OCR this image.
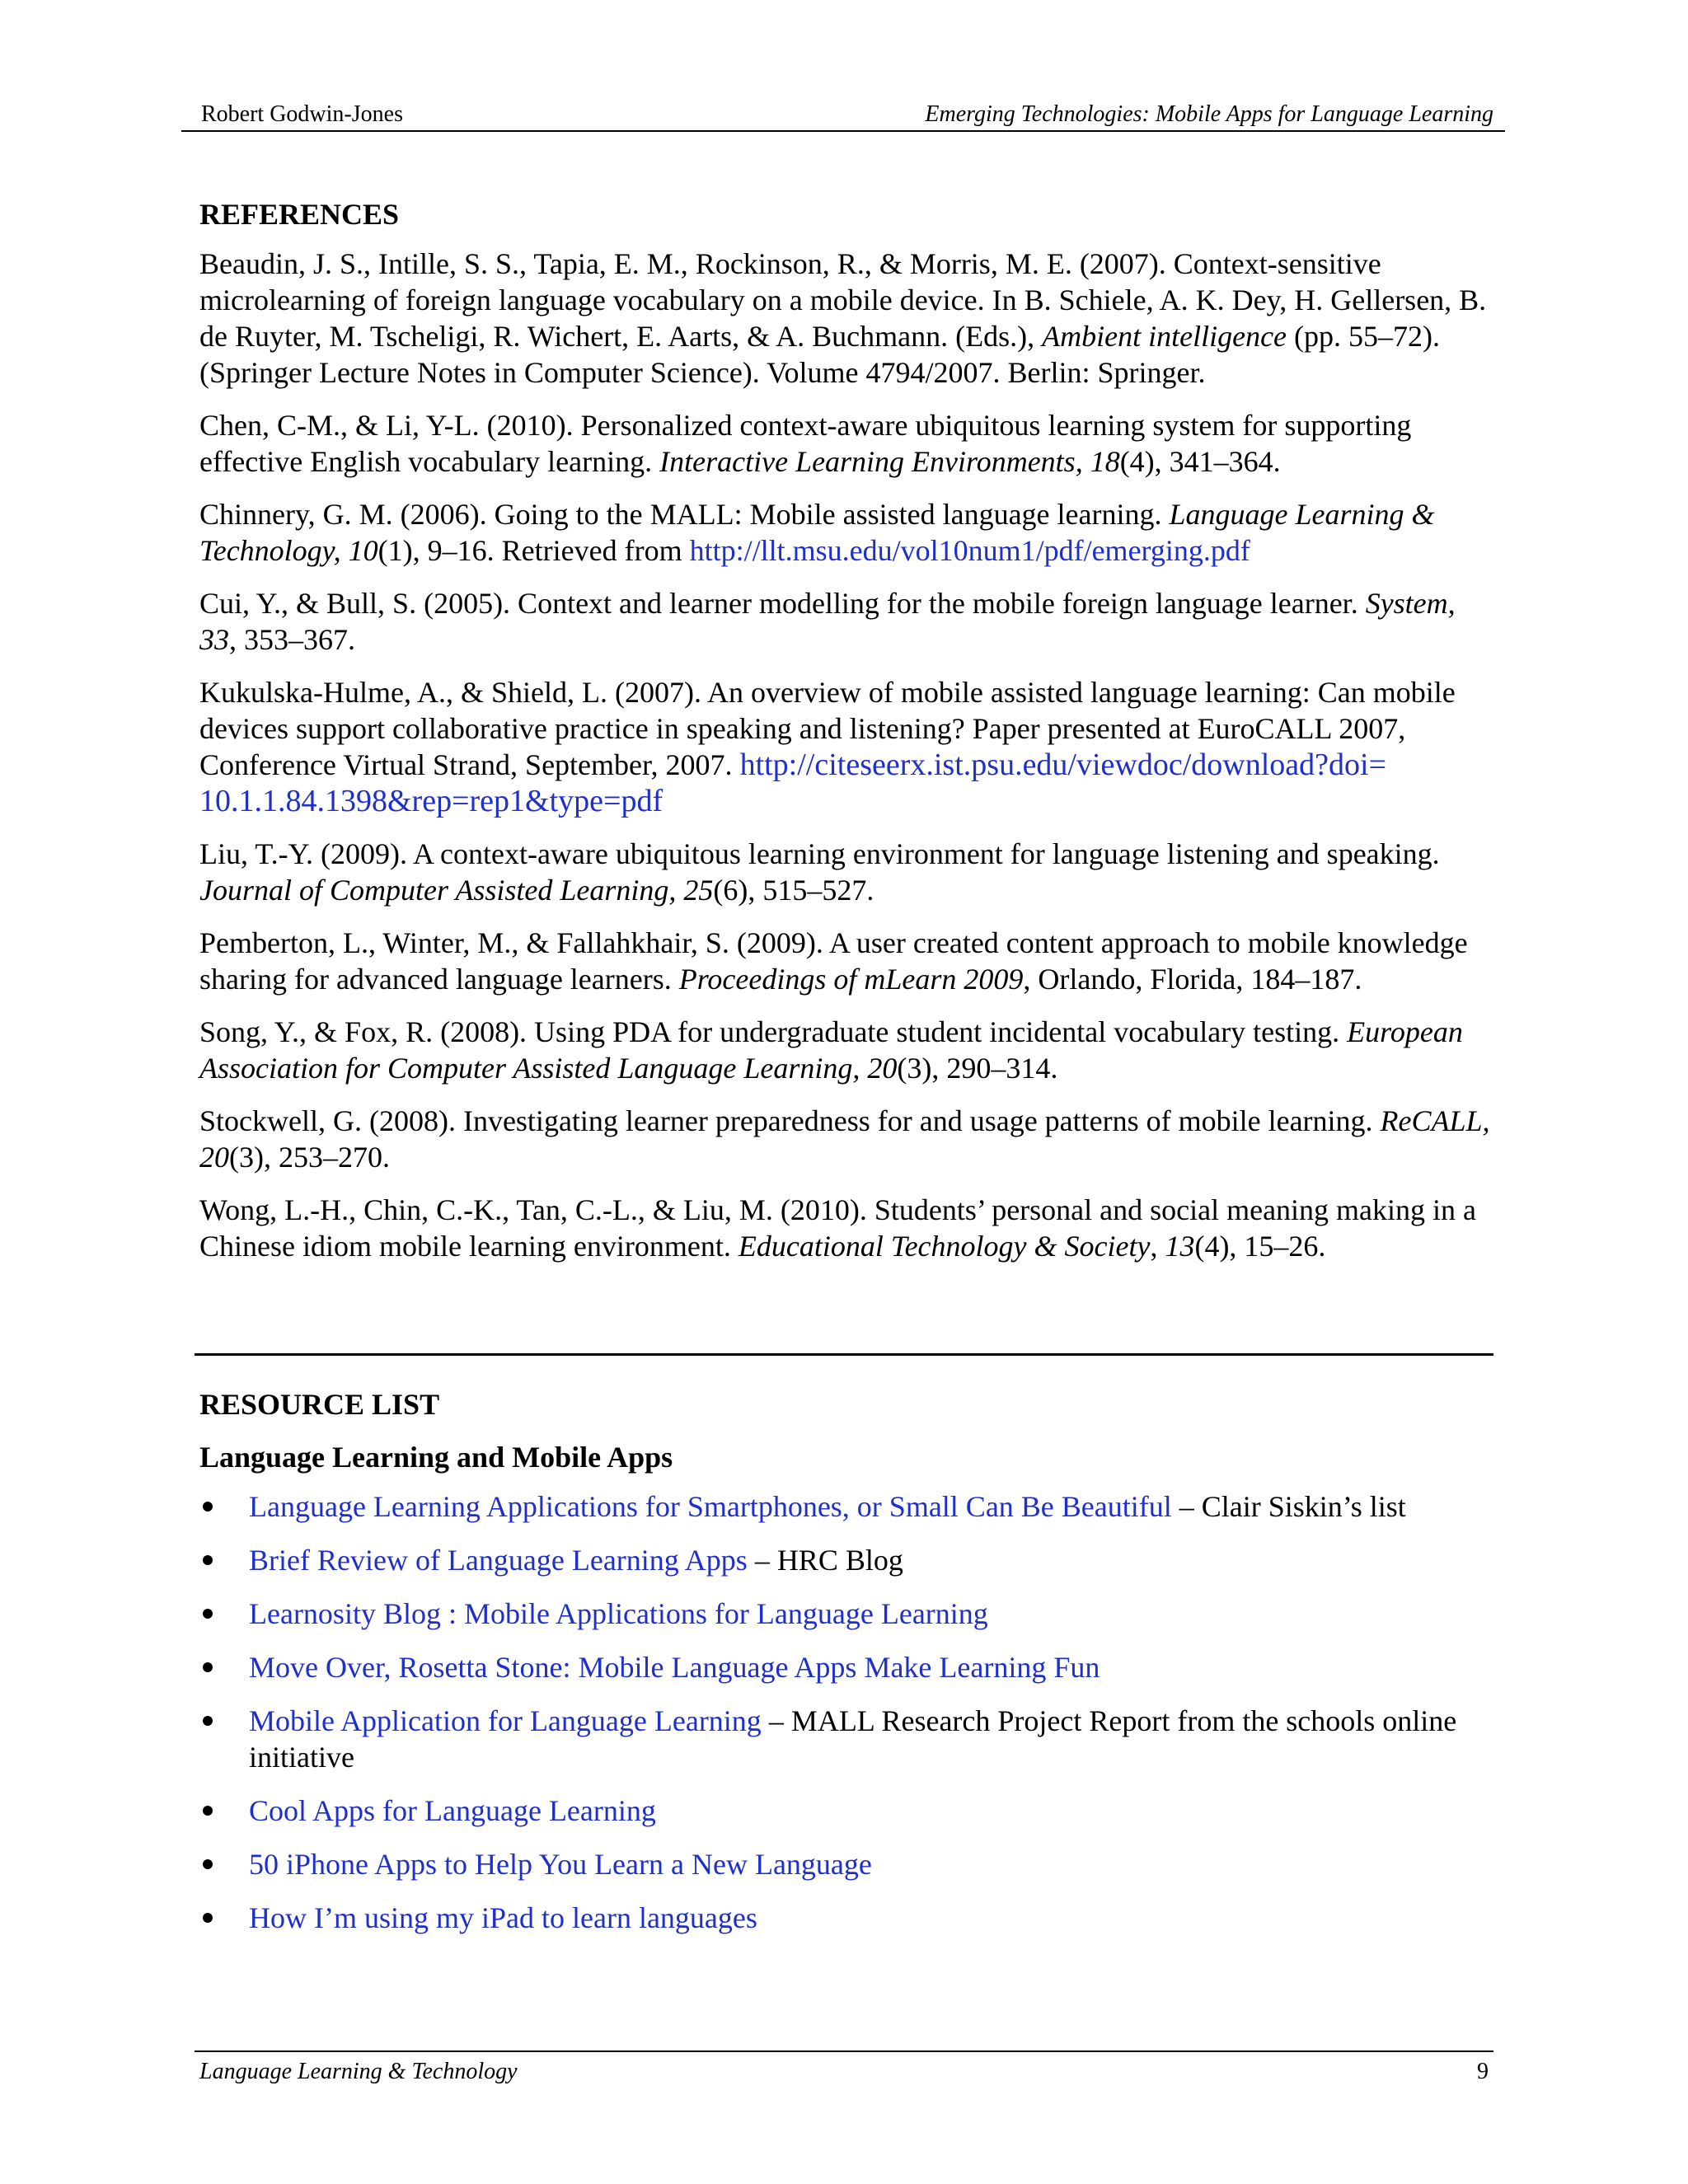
Robert Godwin-Jones	Emerging Technologies: Mobile Apps for Language Learning
REFERENCES

Beaudin, J. S., Intille, S. S., Tapia, E. M., Rockinson, R., & Morris, M. E. (2007). Context-sensitive microlearning of foreign language vocabulary on a mobile device. In B. Schiele, A. K. Dey, H. Gellersen, B. de Ruyter, M. Tscheligi, R. Wichert, E. Aarts, & A. Buchmann. (Eds.), Ambient intelligence (pp. 55–72). (Springer Lecture Notes in Computer Science). Volume 4794/2007. Berlin: Springer.

Chen, C-M., & Li, Y-L. (2010). Personalized context-aware ubiquitous learning system for supporting effective English vocabulary learning. Interactive Learning Environments, 18(4), 341–364.

Chinnery, G. M. (2006). Going to the MALL: Mobile assisted language learning. Language Learning & Technology, 10(1), 9–16. Retrieved from http://llt.msu.edu/vol10num1/pdf/emerging.pdf

Cui, Y., & Bull, S. (2005). Context and learner modelling for the mobile foreign language learner. System, 33, 353–367.

Kukulska-Hulme, A., & Shield, L. (2007). An overview of mobile assisted language learning: Can mobile devices support collaborative practice in speaking and listening? Paper presented at EuroCALL 2007, Conference Virtual Strand, September, 2007. http://citeseerx.ist.psu.edu/viewdoc/download?doi= 10.1.1.84.1398&rep=rep1&type=pdf

Liu, T.-Y. (2009). A context-aware ubiquitous learning environment for language listening and speaking. Journal of Computer Assisted Learning, 25(6), 515–527.

Pemberton, L., Winter, M., & Fallahkhair, S. (2009). A user created content approach to mobile knowledge sharing for advanced language learners. Proceedings of mLearn 2009, Orlando, Florida, 184–187.

Song, Y., & Fox, R. (2008). Using PDA for undergraduate student incidental vocabulary testing. European Association for Computer Assisted Language Learning, 20(3), 290–314.

Stockwell, G. (2008). Investigating learner preparedness for and usage patterns of mobile learning. ReCALL, 20(3), 253–270.

Wong, L.-H., Chin, C.-K., Tan, C.-L., & Liu, M. (2010). Students’ personal and social meaning making in a Chinese idiom mobile learning environment. Educational Technology & Society, 13(4), 15–26.

RESOURCE LIST
Language Learning and Mobile Apps
Language Learning Applications for Smartphones, or Small Can Be Beautiful – Clair Siskin’s list
Brief Review of Language Learning Apps – HRC Blog
Learnosity Blog : Mobile Applications for Language Learning
Move Over, Rosetta Stone: Mobile Language Apps Make Learning Fun
Mobile Application for Language Learning – MALL Research Project Report from the schools online initiative
Cool Apps for Language Learning
50 iPhone Apps to Help You Learn a New Language
How I’m using my iPad to learn languages
Language Learning & Technology	9
